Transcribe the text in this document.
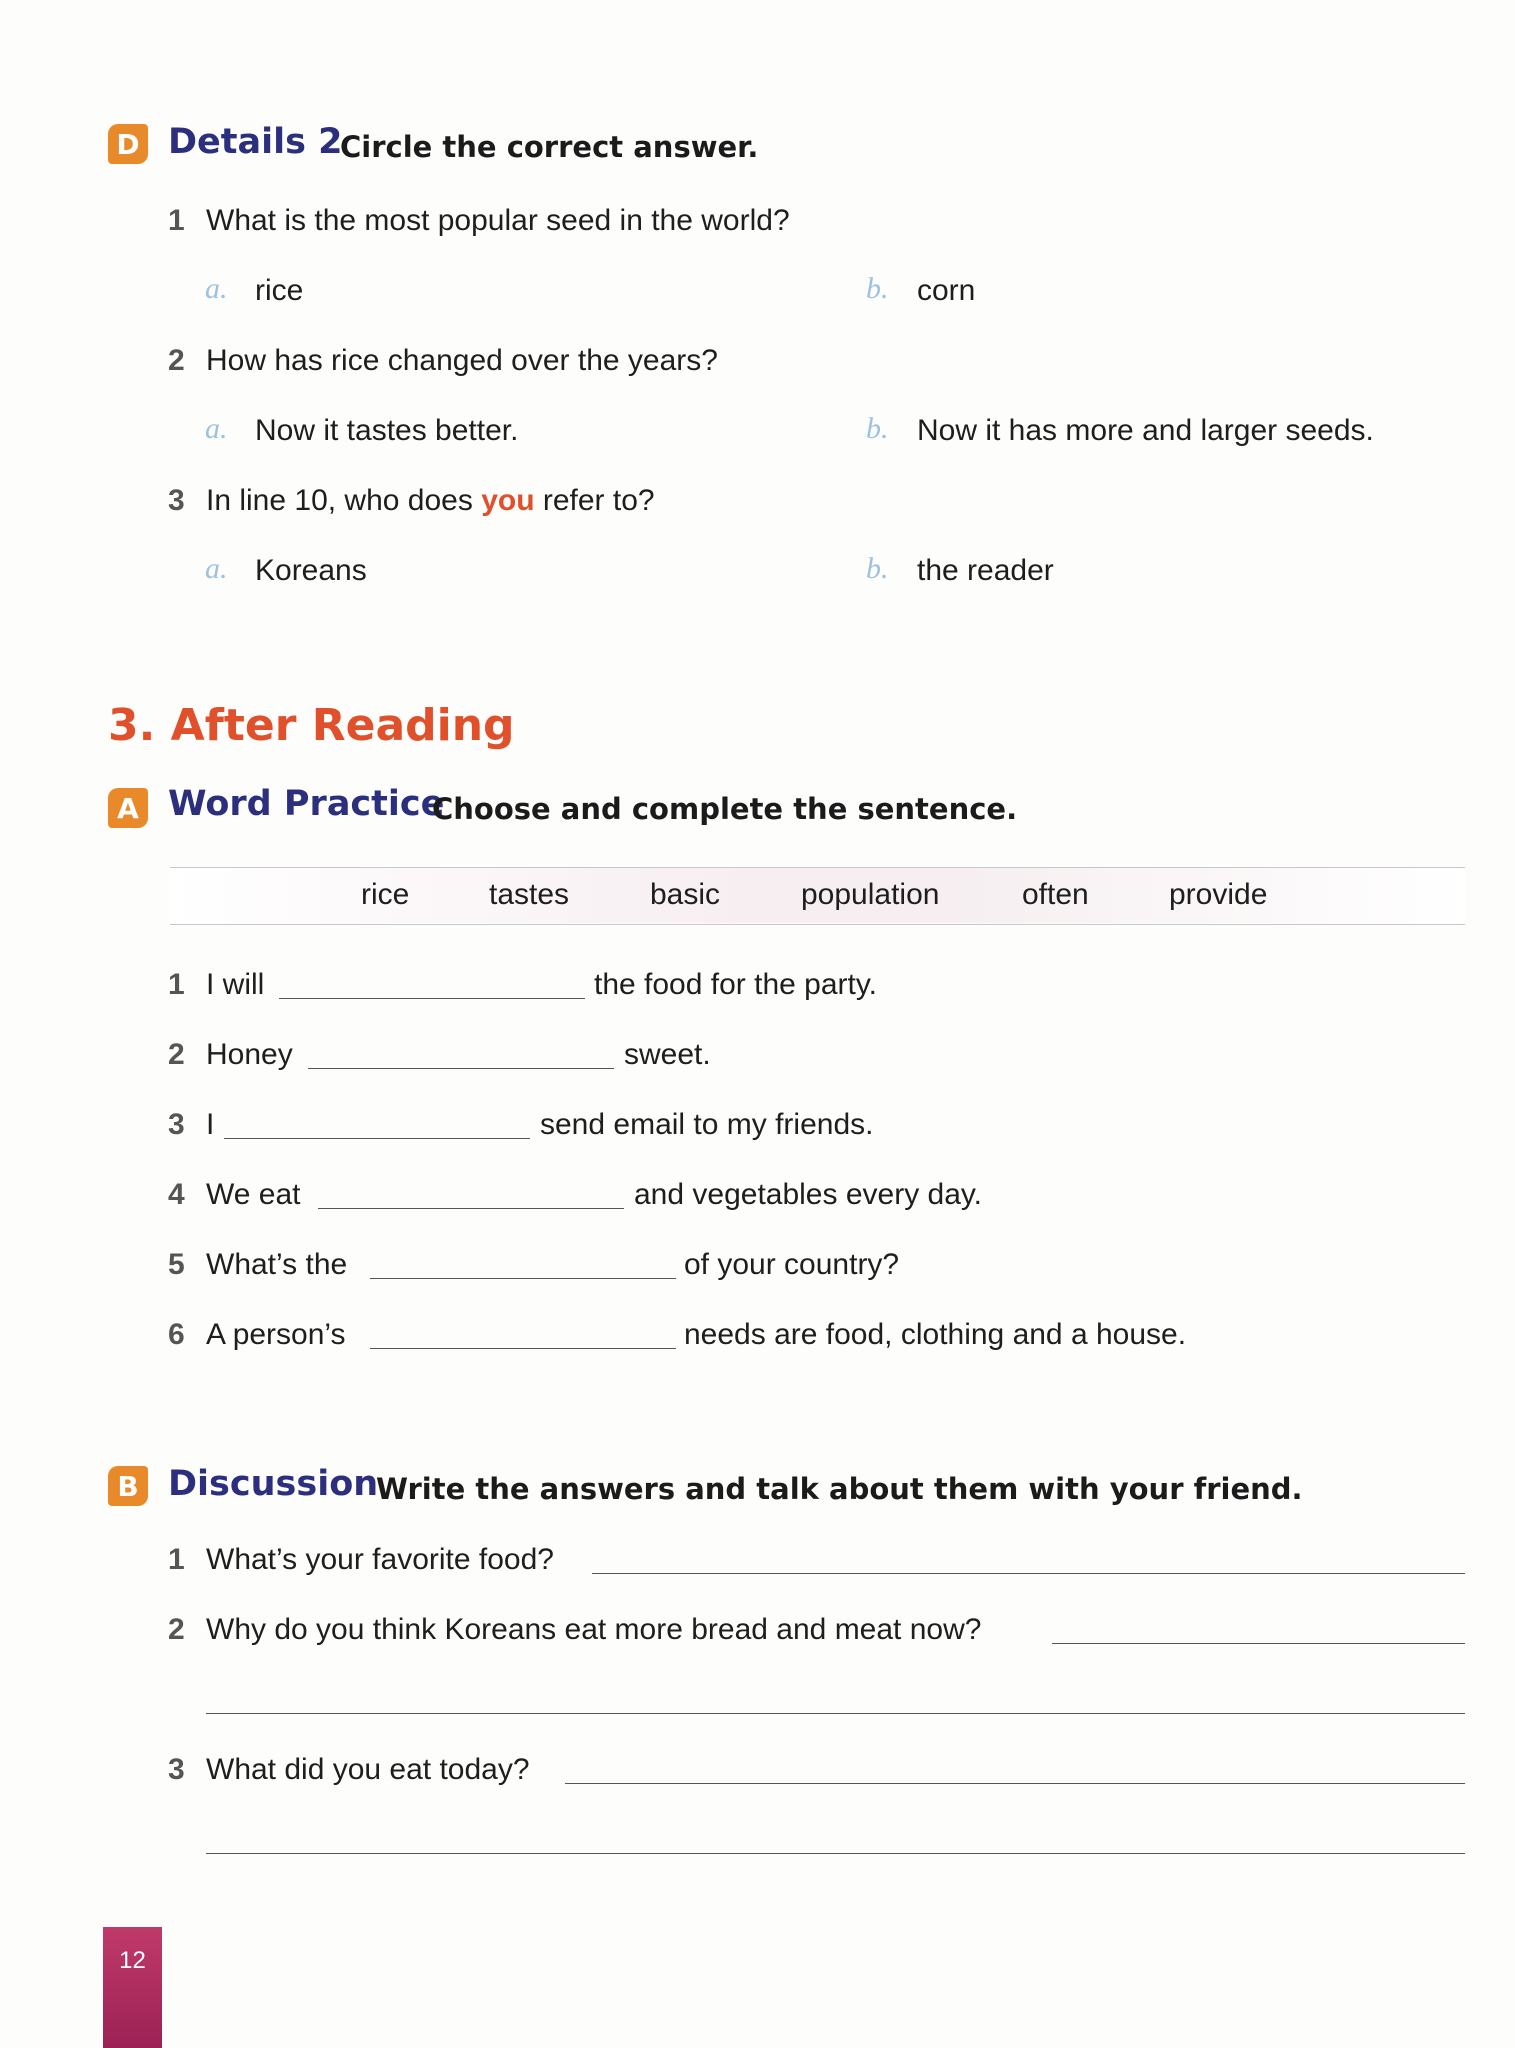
D Details 2
Circle the correct answer.
1 What is the most popular seed in the world?
a. rice	b. corn
2 How has rice changed over the years?
a. Now it tastes better.	b. Now it has more and larger seeds.
3 In line 10, who does you refer to?
a. Koreans	b. the reader
3. After Reading
A Word Practice
Choose and complete the sentence.
rice	tastes	basic	population	often	provide
1 I will	the food for the party.
2 Honey	sweet.
3 I	send email to my friends.
4 We eat	and vegetables every day.
5 What’s the	of your country?
6 A person’s	needs are food, clothing and a house.
B Discussion
Write the answers and talk about them with your friend.
1 What’s your favorite food?
2 Why do you think Koreans eat more bread and meat now?
3 What did you eat today?
12
